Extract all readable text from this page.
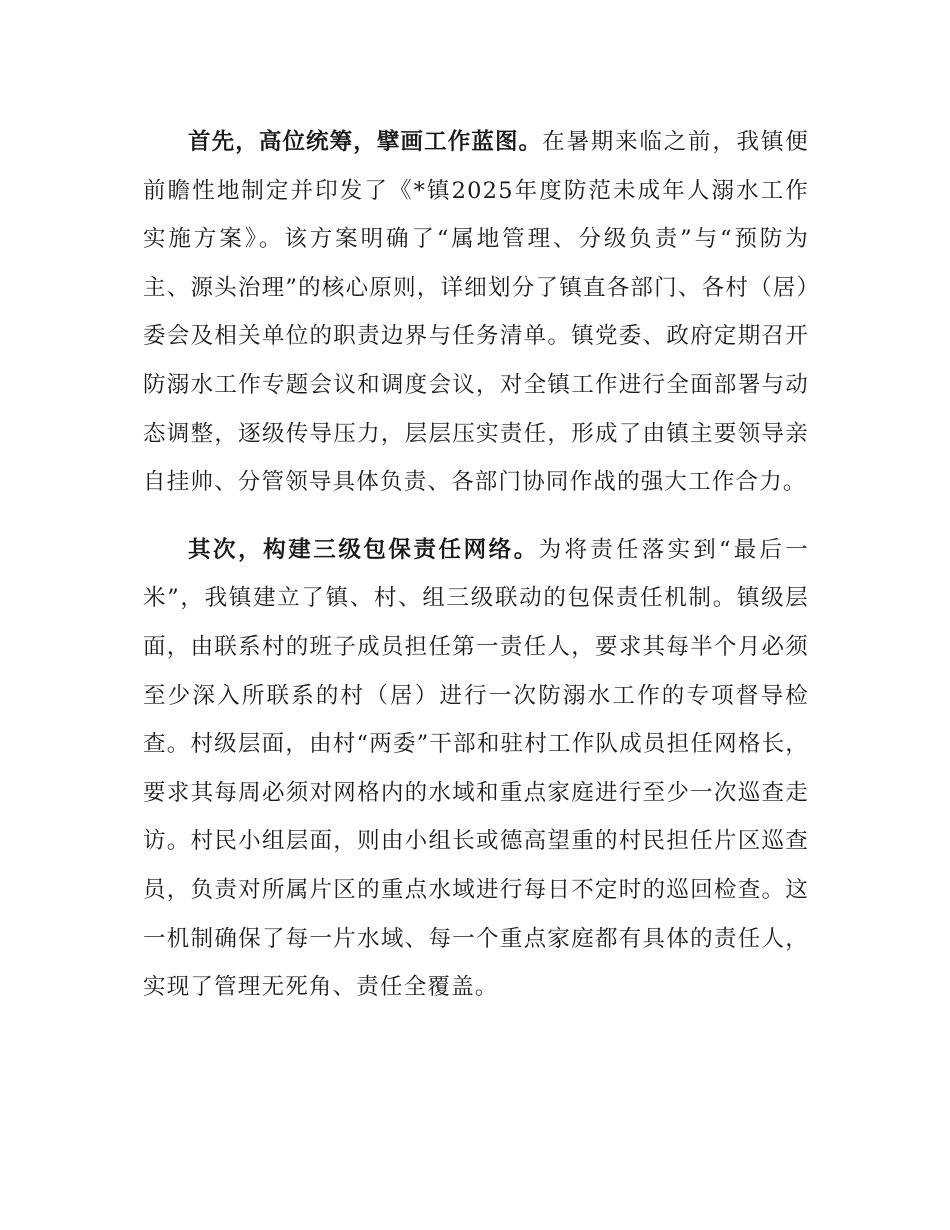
首先，高位统筹，擘画工作蓝图。在暑期来临之前，我镇便前瞻性地制定并印发了《*镇2025年度防范未成年人溺水工作实施方案》。该方案明确了“属地管理、分级负责”与“预防为主、源头治理”的核心原则，详细划分了镇直各部门、各村（居）委会及相关单位的职责边界与任务清单。镇党委、政府定期召开防溺水工作专题会议和调度会议，对全镇工作进行全面部署与动态调整，逐级传导压力，层层压实责任，形成了由镇主要领导亲自挂帅、分管领导具体负责、各部门协同作战的强大工作合力。

其次，构建三级包保责任网络。为将责任落实到“最后一米”，我镇建立了镇、村、组三级联动的包保责任机制。镇级层面，由联系村的班子成员担任第一责任人，要求其每半个月必须至少深入所联系的村（居）进行一次防溺水工作的专项督导检查。村级层面，由村“两委”干部和驻村工作队成员担任网格长，要求其每周必须对网格内的水域和重点家庭进行至少一次巡查走访。村民小组层面，则由小组长或德高望重的村民担任片区巡查员，负责对所属片区的重点水域进行每日不定时的巡回检查。这一机制确保了每一片水域、每一个重点家庭都有具体的责任人，实现了管理无死角、责任全覆盖。
